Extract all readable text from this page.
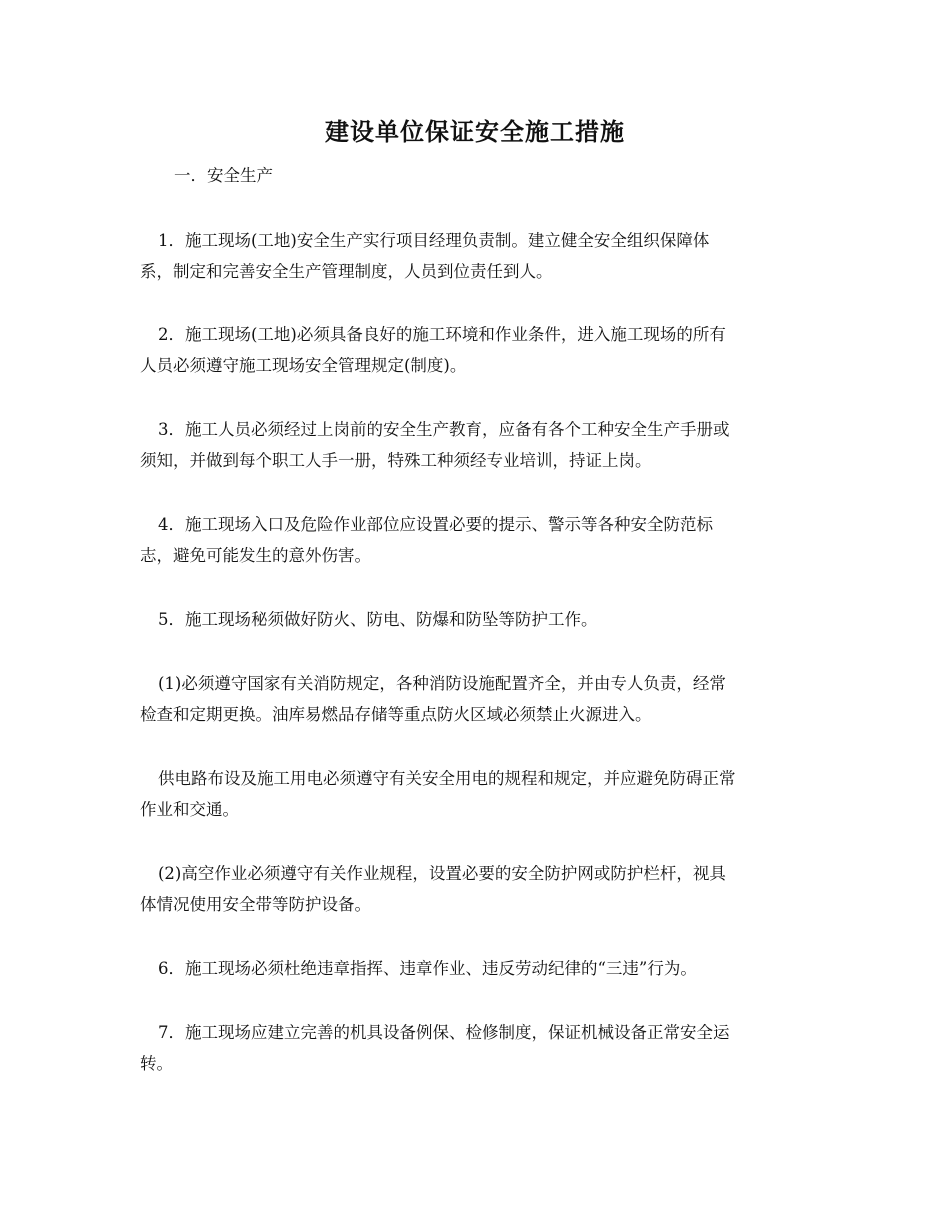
建设单位保证安全施工措施

一．安全生产

1．施工现场(工地)安全生产实行项目经理负责制。建立健全安全组织保障体
系，制定和完善安全生产管理制度，人员到位责任到人。

2．施工现场(工地)必须具备良好的施工环境和作业条件，进入施工现场的所有
人员必须遵守施工现场安全管理规定(制度)。

3．施工人员必须经过上岗前的安全生产教育，应备有各个工种安全生产手册或
须知，并做到每个职工人手一册，特殊工种须经专业培训，持证上岗。

4．施工现场入口及危险作业部位应设置必要的提示、警示等各种安全防范标
志，避免可能发生的意外伤害。

5．施工现场秘须做好防火、防电、防爆和防坠等防护工作。

(1)必须遵守国家有关消防规定，各种消防设施配置齐全，并由专人负责，经常
检查和定期更换。油库易燃品存储等重点防火区域必须禁止火源进入。

供电路布设及施工用电必须遵守有关安全用电的规程和规定，并应避免防碍正常
作业和交通。

(2)高空作业必须遵守有关作业规程，设置必要的安全防护网或防护栏杆，视具
体情况使用安全带等防护设备。

6．施工现场必须杜绝违章指挥、违章作业、违反劳动纪律的“三违”行为。

7．施工现场应建立完善的机具设备例保、检修制度，保证机械设备正常安全运
转。
